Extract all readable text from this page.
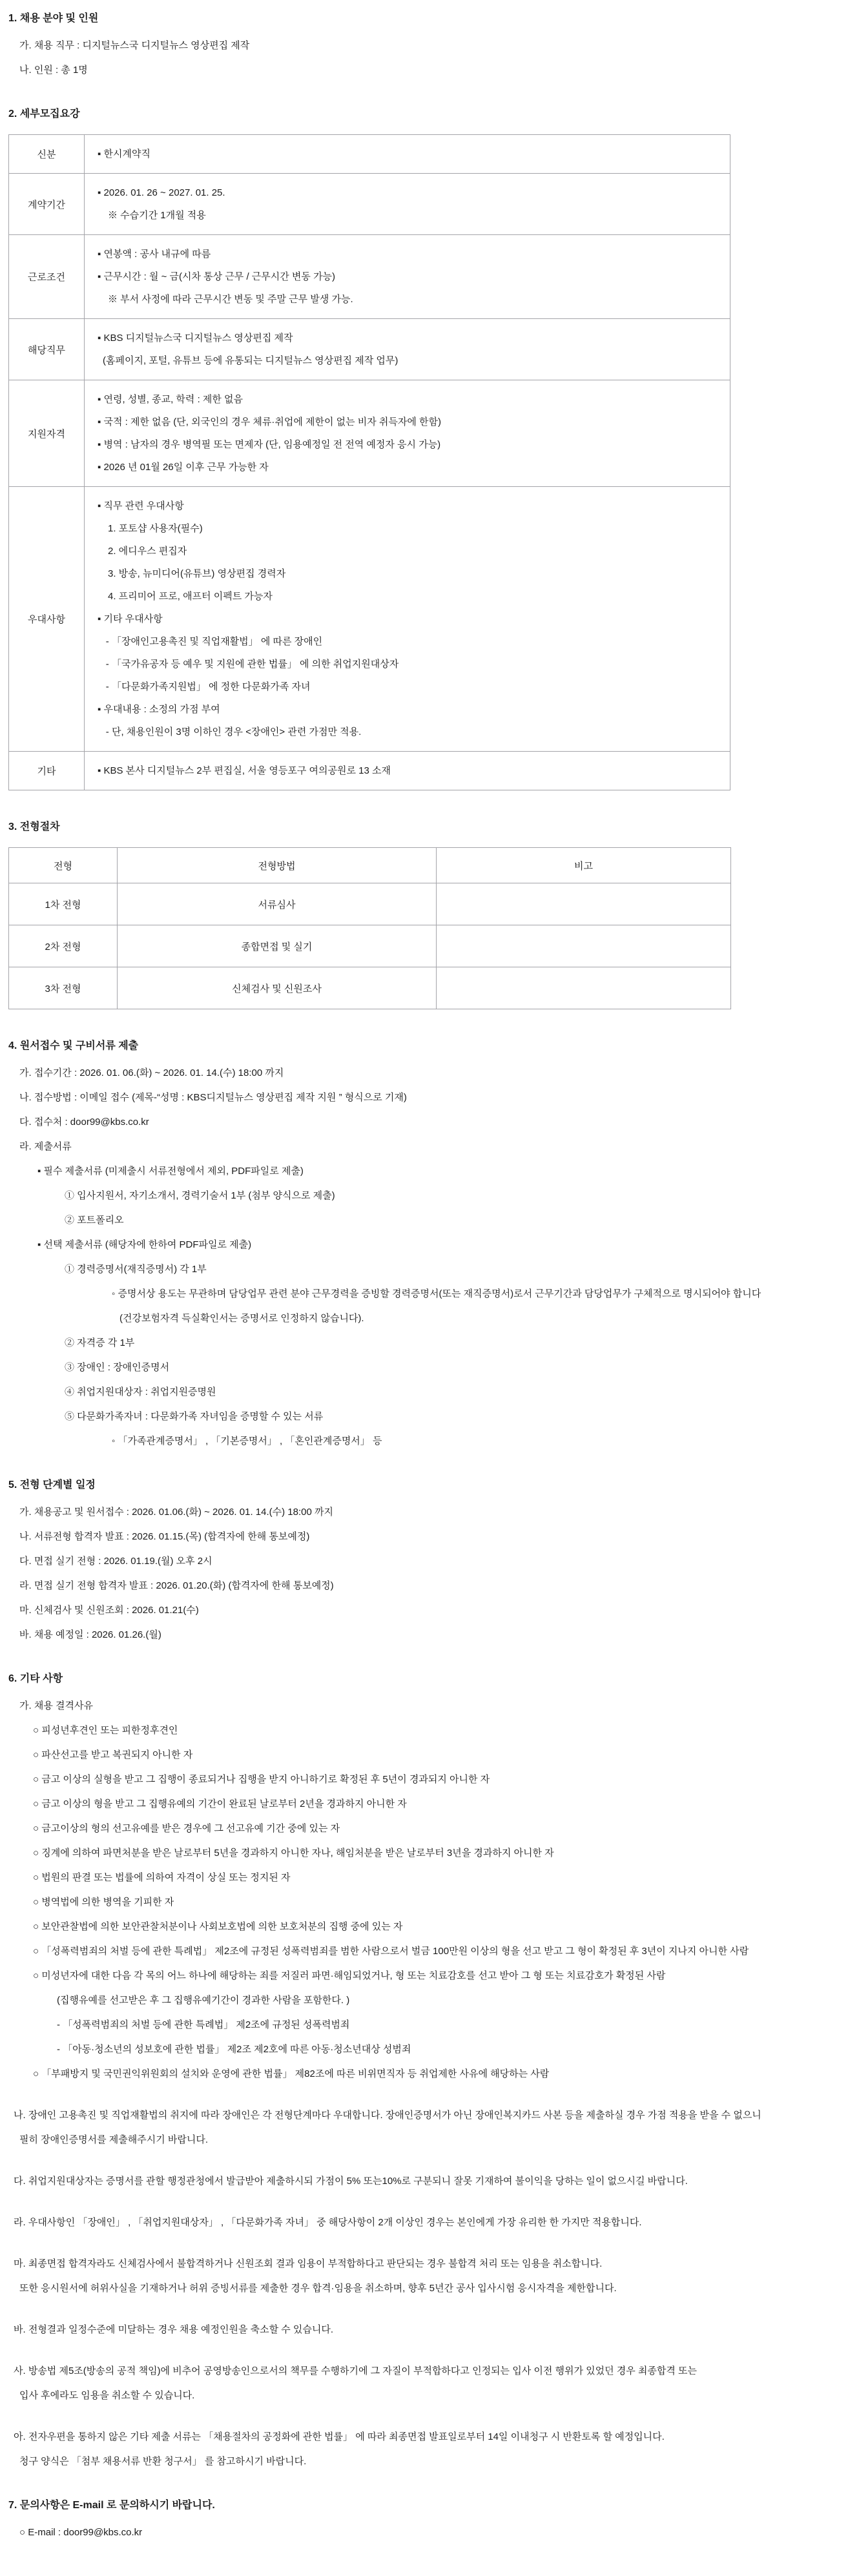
1. 채용 분야 및 인원

가. 채용 직무 : 디지털뉴스국 디지털뉴스 영상편집 제작

나. 인원 : 총 1명

2. 세부모집요강
신분	▪ 한시계약직

계약기간	▪ 2026. 01. 26 ~ 2027. 01. 25.
※ 수습기간 1개월 적용

근로조건	▪ 연봉액 : 공사 내규에 따름
▪ 근무시간 : 월 ~ 금(시차 통상 근무 / 근무시간 변동 가능)
※ 부서 사정에 따라 근무시간 변동 및 주말 근무 발생 가능.

해당직무	▪ KBS 디지털뉴스국 디지털뉴스 영상편집 제작
(홈페이지, 포털, 유튜브 등에 유통되는 디지털뉴스 영상편집 제작 업무)

지원자격	▪ 연령, 성별, 종교, 학력 : 제한 없음
▪ 국적 : 제한 없음 (단, 외국인의 경우 체류·취업에 제한이 없는 비자 취득자에 한함)
▪ 병역 : 남자의 경우 병역필 또는 면제자 (단, 임용예정일 전 전역 예정자 응시 가능)
▪ 2026 년 01월 26일 이후 근무 가능한 자

우대사항	
▪ 직무 관련 우대사항
1. 포토샵 사용자(필수)
2. 에디우스 편집자
3. 방송, 뉴미디어(유튜브) 영상편집 경력자
4. 프리미어 프로, 애프터 이펙트 가능자
▪ 기타 우대사항
- 「장애인고용촉진 및 직업재활법」 에 따른 장애인
- 「국가유공자 등 예우 및 지원에 관한 법률」 에 의한 취업지원대상자
- 「다문화가족지원법」 에 정한 다문화가족 자녀
▪ 우대내용 : 소정의 가점 부여
- 단, 채용인원이 3명 이하인 경우 <장애인> 관련 가점만 적용.

기타	▪ KBS 본사 디지털뉴스 2부 편집실, 서울 영등포구 여의공원로 13 소재
3. 전형절차
전형	전형방법	비고
1차 전형	서류심사	
2차 전형	종합면접 및 실기	
3차 전형	신체검사 및 신원조사	
4. 원서접수 및 구비서류 제출

가. 접수기간 : 2026. 01. 06.(화) ~ 2026. 01. 14.(수) 18:00 까지

나. 접수방법 : 이메일 접수 (제목-“성명 : KBS디지털뉴스 영상편집 제작 지원 ” 형식으로 기재)

다. 접수처 : door99@kbs.co.kr

라. 제출서류

▪ 필수 제출서류 (미제출시 서류전형에서 제외, PDF파일로 제출)

① 입사지원서, 자기소개서, 경력기술서 1부 (첨부 양식으로 제출)

② 포트폴리오

▪ 선택 제출서류 (해당자에 한하여 PDF파일로 제출)

① 경력증명서(재직증명서) 각 1부

◦ 증명서상 용도는 무관하며 담당업무 관련 분야 근무경력을 증빙할 경력증명서(또는 재직증명서)로서 근무기간과 담당업무가 구체적으로 명시되어야 합니다

(건강보험자격 득실확인서는 증명서로 인정하지 않습니다).

② 자격증 각 1부

③ 장애인 : 장애인증명서

④ 취업지원대상자 : 취업지원증명원

⑤ 다문화가족자녀 : 다문화가족 자녀임을 증명할 수 있는 서류

◦ 「가족관계증명서」 , 「기본증명서」 , 「혼인관계증명서」 등

5. 전형 단계별 일정

가. 채용공고 및 원서접수 : 2026. 01.06.(화) ~ 2026. 01. 14.(수) 18:00 까지

나. 서류전형 합격자 발표 : 2026. 01.15.(목) (합격자에 한해 통보예정)

다. 면접 실기 전형 : 2026. 01.19.(월) 오후 2시

라. 면접 실기 전형 합격자 발표 : 2026. 01.20.(화) (합격자에 한해 통보예정)

마. 신체검사 및 신원조회 : 2026. 01.21(수)

바. 채용 예정일 : 2026. 01.26.(월)

6. 기타 사항

가. 채용 결격사유

○ 피성년후견인 또는 피한정후견인

○ 파산선고를 받고 복권되지 아니한 자

○ 금고 이상의 실형을 받고 그 집행이 종료되거나 집행을 받지 아니하기로 확정된 후 5년이 경과되지 아니한 자

○ 금고 이상의 형을 받고 그 집행유예의 기간이 완료된 날로부터 2년을 경과하지 아니한 자

○ 금고이상의 형의 선고유예를 받은 경우에 그 선고유예 기간 중에 있는 자

○ 징계에 의하여 파면처분을 받은 날로부터 5년을 경과하지 아니한 자나, 해임처분을 받은 날로부터 3년을 경과하지 아니한 자

○ 법원의 판결 또는 법률에 의하여 자격이 상실 또는 정지된 자

○ 병역법에 의한 병역을 기피한 자

○ 보안관찰법에 의한 보안관찰처분이나 사회보호법에 의한 보호처분의 집행 중에 있는 자

○ 「성폭력범죄의 처벌 등에 관한 특례법」 제2조에 규정된 성폭력범죄를 범한 사람으로서 벌금 100만원 이상의 형을 선고 받고 그 형이 확정된 후 3년이 지나지 아니한 사람

○ 미성년자에 대한 다음 각 목의 어느 하나에 해당하는 죄를 저질러 파면·해임되었거나, 형 또는 치료감호를 선고 받아 그 형 또는 치료감호가 확정된 사람

(집행유예를 선고받은 후 그 집행유예기간이 경과한 사람을 포함한다. )

- 「성폭력범죄의 처벌 등에 관한 특례법」 제2조에 규정된 성폭력범죄

- 「아동·청소년의 성보호에 관한 법률」 제2조 제2호에 따른 아동·청소년대상 성범죄

○ 「부패방지 및 국민권익위원회의 설치와 운영에 관한 법률」 제82조에 따른 비위면직자 등 취업제한 사유에 해당하는 사람

나. 장애인 고용촉진 및 직업재활법의 취지에 따라 장애인은 각 전형단계마다 우대합니다. 장애인증명서가 아닌 장애인복지카드 사본 등을 제출하실 경우 가점 적용을 받을 수 없으니

필히 장애인증명서를 제출해주시기 바랍니다.

다. 취업지원대상자는 증명서를 관할 행정관청에서 발급받아 제출하시되 가점이 5% 또는10%로 구분되니 잘못 기재하여 불이익을 당하는 일이 없으시길 바랍니다.

라. 우대사항인 「장애인」 , 「취업지원대상자」 , 「다문화가족 자녀」 중 해당사항이 2개 이상인 경우는 본인에게 가장 유리한 한 가지만 적용합니다.

마. 최종면접 합격자라도 신체검사에서 불합격하거나 신원조회 결과 임용이 부적합하다고 판단되는 경우 불합격 처리 또는 임용을 취소합니다.

또한 응시원서에 허위사실을 기재하거나 허위 증빙서류를 제출한 경우 합격·임용을 취소하며, 향후 5년간 공사 입사시험 응시자격을 제한합니다.

바. 전형결과 일정수준에 미달하는 경우 채용 예정인원을 축소할 수 있습니다.

사. 방송법 제5조(방송의 공적 책임)에 비추어 공영방송인으로서의 책무를 수행하기에 그 자질이 부적합하다고 인정되는 입사 이전 행위가 있었던 경우 최종합격 또는

입사 후에라도 임용을 취소할 수 있습니다.

아. 전자우편을 통하지 않은 기타 제출 서류는 「채용절차의 공정화에 관한 법률」 에 따라 최종면접 발표일로부터 14일 이내청구 시 반환토록 할 예정입니다.

청구 양식은 「첨부 채용서류 반환 청구서」 를 참고하시기 바랍니다.

7. 문의사항은 E-mail 로 문의하시기 바랍니다.

○ E-mail : door99@kbs.co.kr
